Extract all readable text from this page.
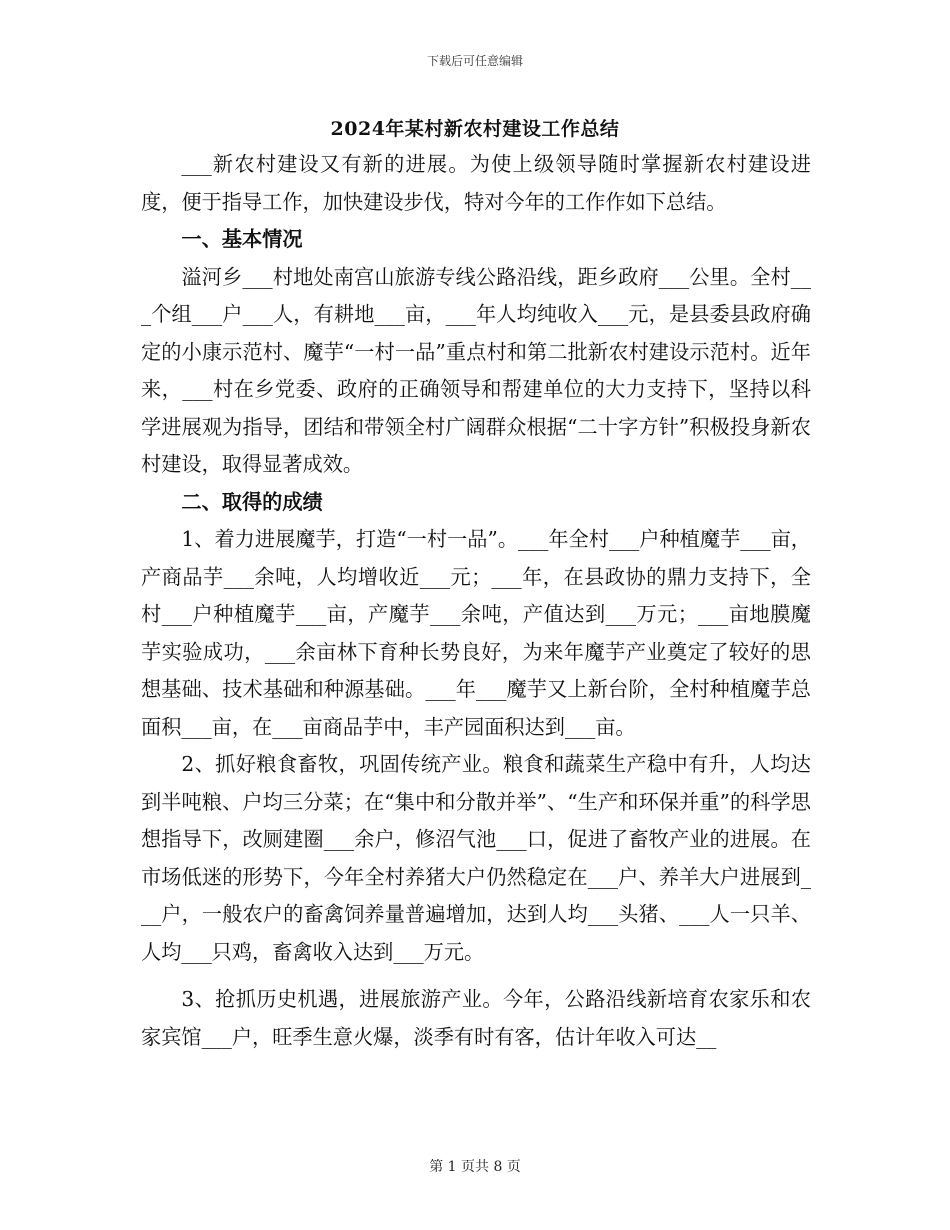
下载后可任意编辑
2024年某村新农村建设工作总结

___新农村建设又有新的进展。为使上级领导随时掌握新农村建设进度，便于指导工作，加快建设步伐，特对今年的工作作如下总结。

一、基本情况

溢河乡___村地处南宫山旅游专线公路沿线，距乡政府___公里。全村___个组___户___人，有耕地___亩，___年人均纯收入___元，是县委县政府确定的小康示范村、魔芋“一村一品”重点村和第二批新农村建设示范村。近年来，___村在乡党委、政府的正确领导和帮建单位的大力支持下，坚持以科学进展观为指导，团结和带领全村广阔群众根据“二十字方针”积极投身新农村建设，取得显著成效。

二、取得的成绩

1、着力进展魔芋，打造“一村一品”。___年全村___户种植魔芋___亩，产商品芋___余吨，人均增收近___元；___年，在县政协的鼎力支持下，全村___户种植魔芋___亩，产魔芋___余吨，产值达到___万元；___亩地膜魔芋实验成功，___余亩林下育种长势良好，为来年魔芋产业奠定了较好的思想基础、技术基础和种源基础。___年___魔芋又上新台阶，全村种植魔芋总面积___亩，在___亩商品芋中，丰产园面积达到___亩。

2、抓好粮食畜牧，巩固传统产业。粮食和蔬菜生产稳中有升，人均达到半吨粮、户均三分菜；在“集中和分散并举”、“生产和环保并重”的科学思想指导下，改厕建圈___余户，修沼气池___口，促进了畜牧产业的进展。在市场低迷的形势下，今年全村养猪大户仍然稳定在___户、养羊大户进展到___户，一般农户的畜禽饲养量普遍增加，达到人均___头猪、___人一只羊、人均___只鸡，畜禽收入达到___万元。

3、抢抓历史机遇，进展旅游产业。今年，公路沿线新培育农家乐和农家宾馆___户，旺季生意火爆，淡季有时有客，估计年收入可达__

第 1 页共 8 页
